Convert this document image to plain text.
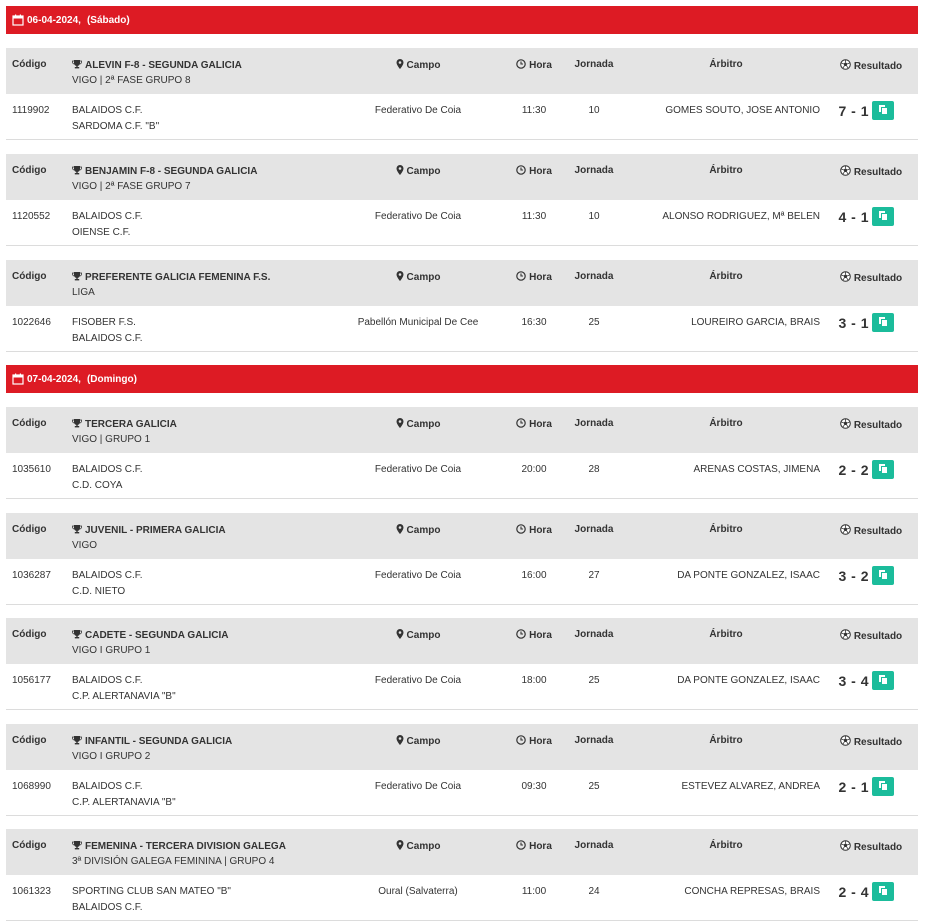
06-04-2024, (Sábado)
Código	ALEVIN F-8 - SEGUNDA GALICIA
VIGO | 2ª FASE GRUPO 8
Campo	Hora	Jornada	Árbitro	Resultado
1119902 BALAIDOS C.F.
SARDOMA C.F. "B"
Federativo De Coia	11:30	10	GOMES SOUTO, JOSE ANTONIO 7 - 1
Código	BENJAMIN F-8 - SEGUNDA GALICIA
VIGO | 2ª FASE GRUPO 7
Campo	Hora	Jornada	Árbitro	Resultado
1120552 BALAIDOS C.F.
OIENSE C.F.
Federativo De Coia	11:30	10	ALONSO RODRIGUEZ, Mª BELEN 4 - 1
Código	PREFERENTE GALICIA FEMENINA F.S.
LIGA
Campo	Hora	Jornada	Árbitro	Resultado
1022646 FISOBER F.S.
BALAIDOS C.F.
Pabellón Municipal De Cee	16:30	25	LOUREIRO GARCIA, BRAIS 3 - 1
07-04-2024, (Domingo)
Código	TERCERA GALICIA
VIGO | GRUPO 1
Campo	Hora	Jornada	Árbitro	Resultado
1035610 BALAIDOS C.F.
C.D. COYA
Federativo De Coia	20:00	28	ARENAS COSTAS, JIMENA 2 - 2
Código	JUVENIL - PRIMERA GALICIA
VIGO
Campo	Hora	Jornada	Árbitro	Resultado
1036287 BALAIDOS C.F.
C.D. NIETO
Federativo De Coia	16:00	27	DA PONTE GONZALEZ, ISAAC 3 - 2
Código	CADETE - SEGUNDA GALICIA
VIGO I GRUPO 1
Campo	Hora	Jornada	Árbitro	Resultado
1056177 BALAIDOS C.F.
C.P. ALERTANAVIA "B"
Federativo De Coia	18:00	25	DA PONTE GONZALEZ, ISAAC 3 - 4
Código	INFANTIL - SEGUNDA GALICIA
VIGO I GRUPO 2
Campo	Hora	Jornada	Árbitro	Resultado
1068990 BALAIDOS C.F.
C.P. ALERTANAVIA "B"
Federativo De Coia	09:30	25	ESTEVEZ ALVAREZ, ANDREA 2 - 1
Código	FEMENINA - TERCERA DIVISION GALEGA
3ª DIVISIÓN GALEGA FEMININA | GRUPO 4
Campo	Hora	Jornada	Árbitro	Resultado
1061323 SPORTING CLUB SAN MATEO "B"
BALAIDOS C.F.
Oural (Salvaterra)	11:00	24	CONCHA REPRESAS, BRAIS 2 - 4
